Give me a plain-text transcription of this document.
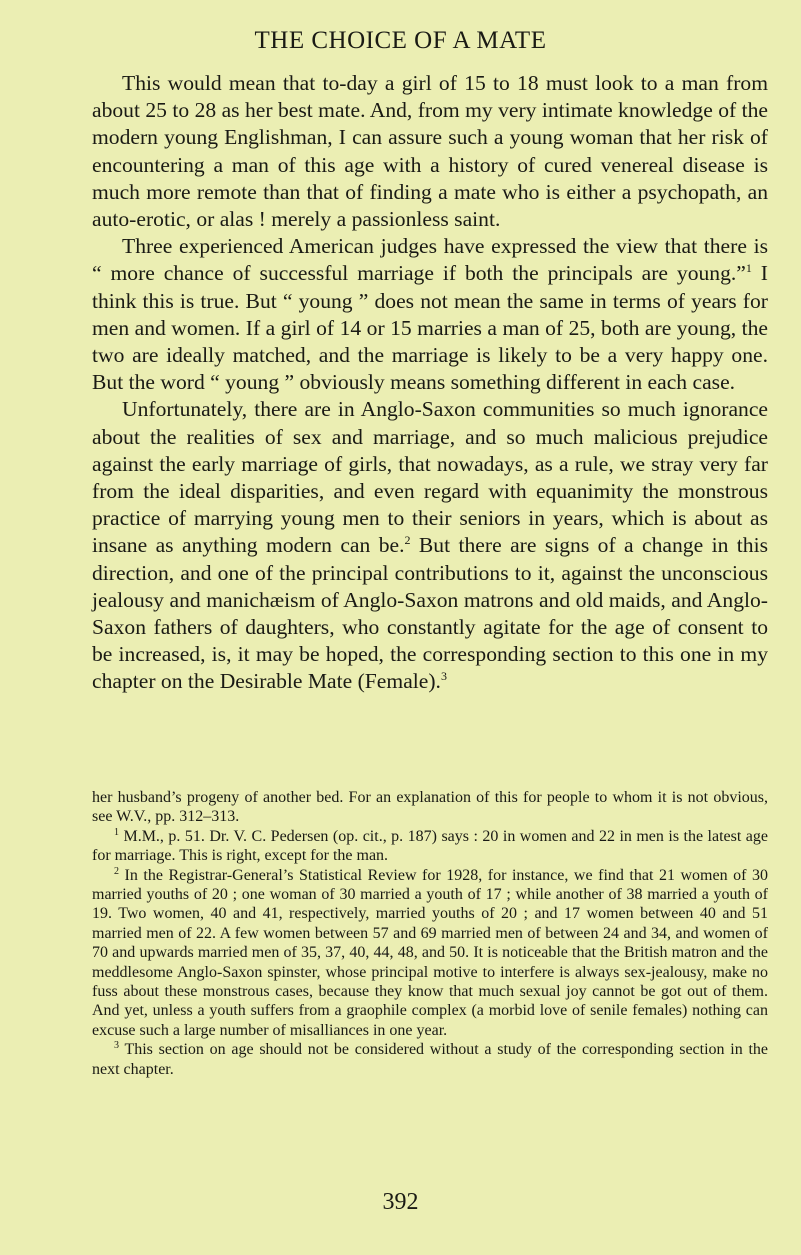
THE CHOICE OF A MATE

This would mean that to-day a girl of 15 to 18 must look to a man from about 25 to 28 as her best mate. And, from my very intimate knowledge of the modern young Englishman, I can assure such a young woman that her risk of encountering a man of this age with a history of cured venereal disease is much more remote than that of finding a mate who is either a psychopath, an auto-erotic, or alas ! merely a passionless saint.

Three experienced American judges have expressed the view that there is “ more chance of successful marriage if both the principals are young.”$^1$ I think this is true. But “ young ” does not mean the same in terms of years for men and women. If a girl of 14 or 15 marries a man of 25, both are young, the two are ideally matched, and the marriage is likely to be a very happy one. But the word “ young ” obviously means something different in each case.

Unfortunately, there are in Anglo-Saxon communities so much ignorance about the realities of sex and marriage, and so much malicious prejudice against the early marriage of girls, that nowadays, as a rule, we stray very far from the ideal disparities, and even regard with equanimity the monstrous practice of marrying young men to their seniors in years, which is about as insane as anything modern can be.$^2$ But there are signs of a change in this direction, and one of the principal contributions to it, against the unconscious jealousy and manichæism of Anglo-Saxon matrons and old maids, and Anglo-Saxon fathers of daughters, who constantly agitate for the age of consent to be increased, is, it may be hoped, the corresponding section to this one in my chapter on the Desirable Mate (Female).$^3$

her husband’s progeny of another bed. For an explanation of this for people to whom it is not obvious, see W.V., pp. 312–313.

$^1$ M.M., p. 51. Dr. V. C. Pedersen (op. cit., p. 187) says : 20 in women and 22 in men is the latest age for marriage. This is right, except for the man.

$^2$ In the Registrar-General’s Statistical Review for 1928, for instance, we find that 21 women of 30 married youths of 20 ; one woman of 30 married a youth of 17 ; while another of 38 married a youth of 19. Two women, 40 and 41, respectively, married youths of 20 ; and 17 women between 40 and 51 married men of 22. A few women between 57 and 69 married men of between 24 and 34, and women of 70 and upwards married men of 35, 37, 40, 44, 48, and 50. It is noticeable that the British matron and the meddlesome Anglo-Saxon spinster, whose principal motive to interfere is always sex-jealousy, make no fuss about these monstrous cases, because they know that much sexual joy cannot be got out of them. And yet, unless a youth suffers from a graophile complex (a morbid love of senile females) nothing can excuse such a large number of misalliances in one year.

$^3$ This section on age should not be considered without a study of the corresponding section in the next chapter.

392
